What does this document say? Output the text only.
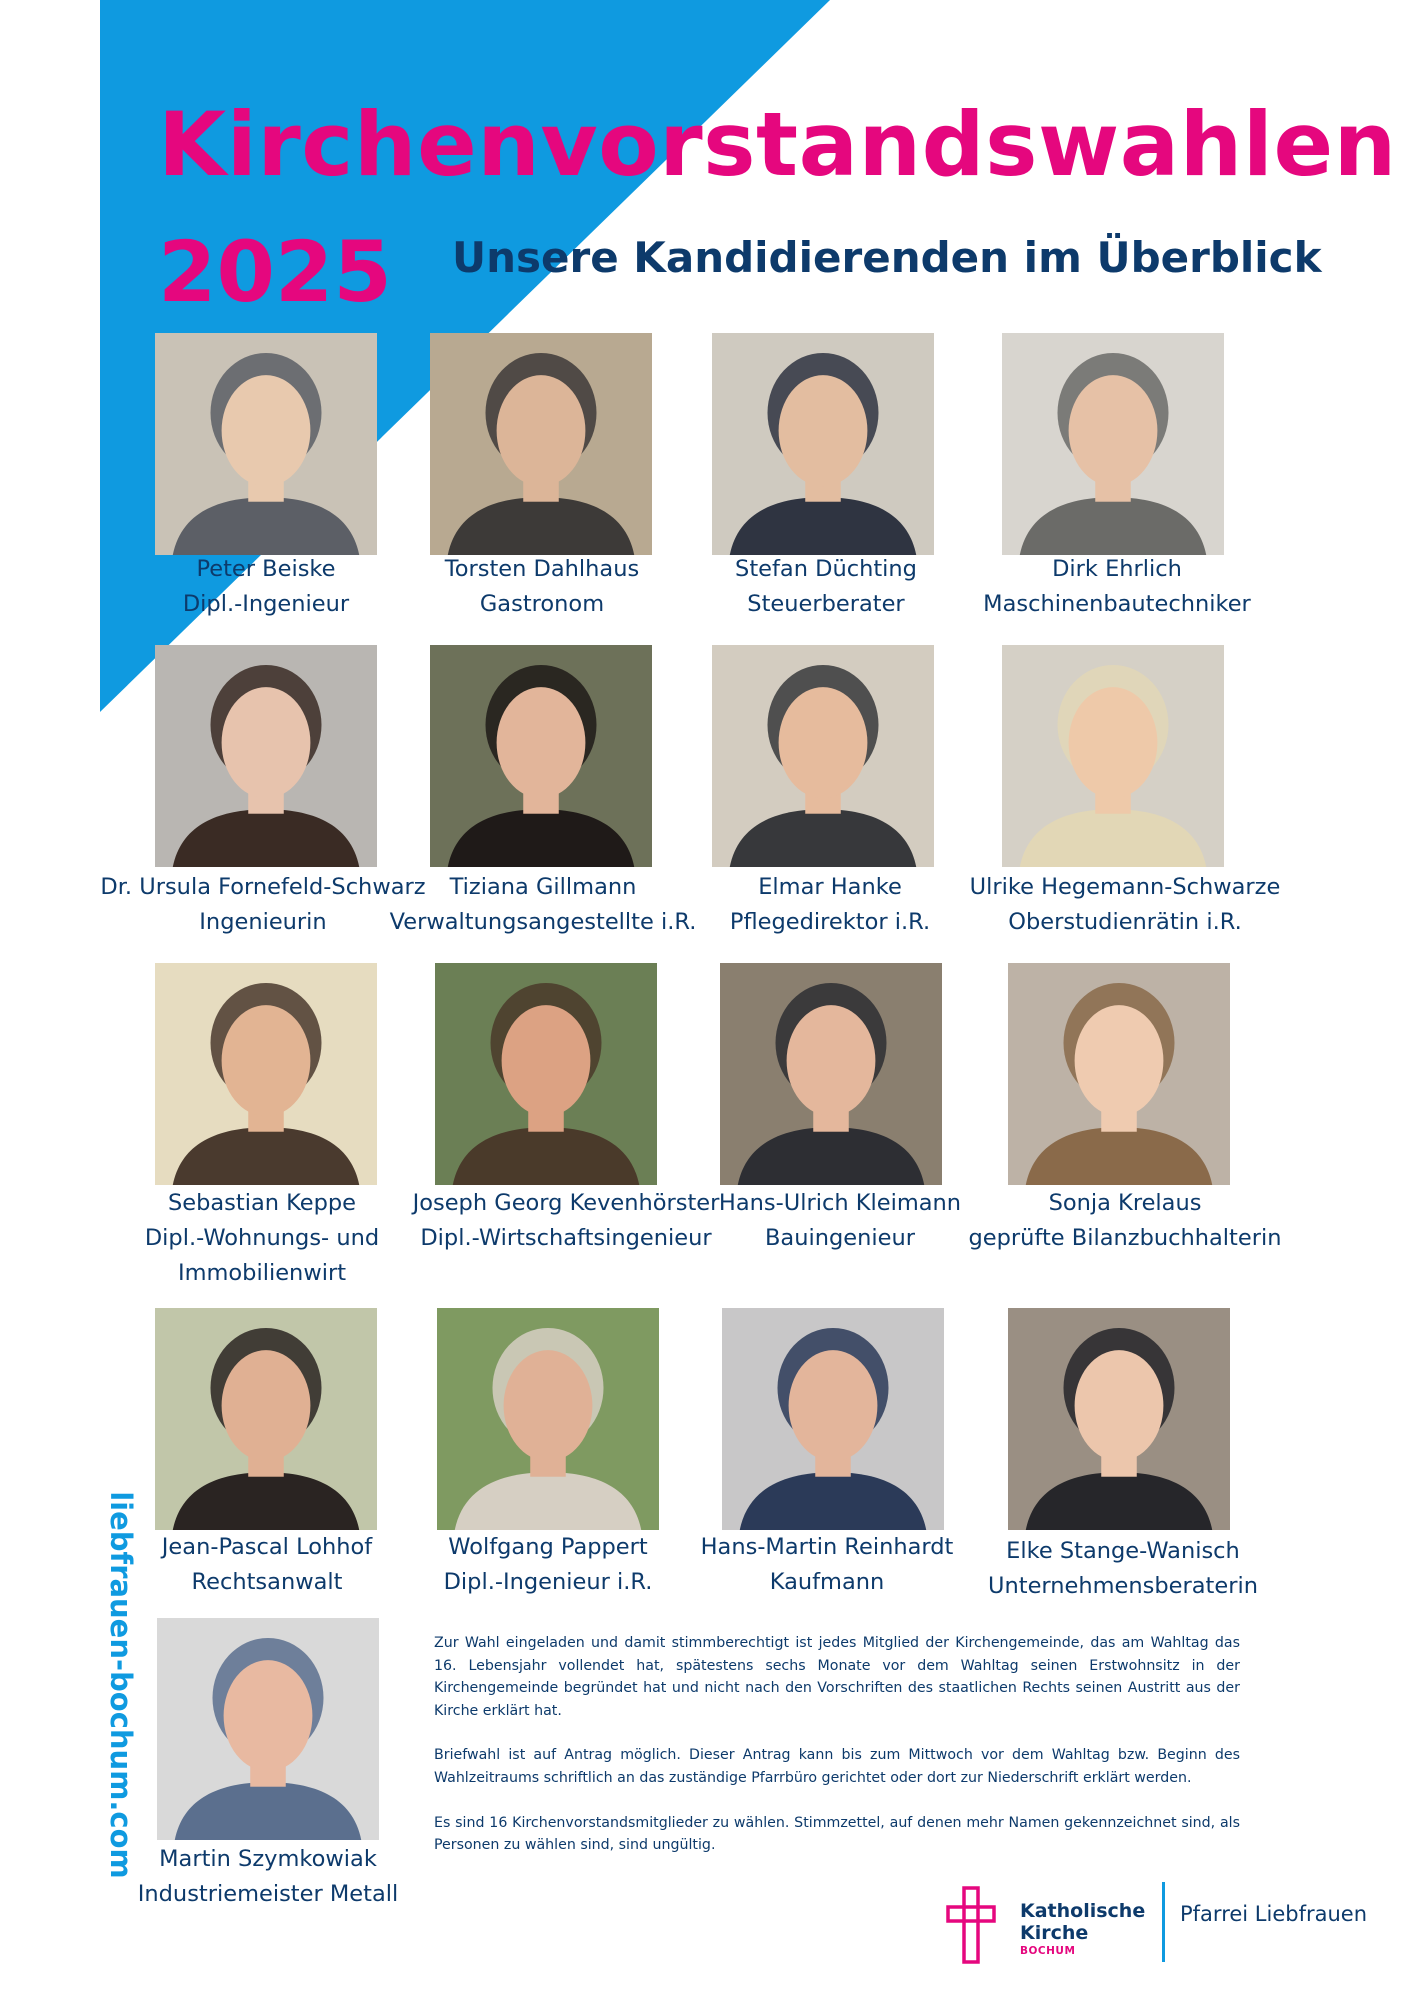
Kirchenvorstandswahlen
2025 Unsere Kandidierenden im Überblick
Peter Beiske
Dipl.-Ingenieur
Torsten Dahlhaus
Gastronom
Stefan Düchting
Steuerberater
Dirk Ehrlich
Maschinenbautechniker
Dr. Ursula Fornefeld-Schwarz
Ingenieurin
Tiziana Gillmann
Verwaltungsangestellte i.R.
Elmar Hanke
Pflegedirektor i.R.
Ulrike Hegemann-Schwarze
Oberstudienrätin i.R.
Sebastian Keppe
Dipl.-Wohnungs- und
Immobilienwirt
Joseph Georg Kevenhörster
Dipl.-Wirtschaftsingenieur
Hans-Ulrich Kleimann
Bauingenieur
Sonja Krelaus
geprüfte Bilanzbuchhalterin
Jean-Pascal Lohhof
Rechtsanwalt
Wolfgang Pappert
Dipl.-Ingenieur i.R.
Hans-Martin Reinhardt
Kaufmann
Elke Stange-Wanisch
Unternehmensberaterin
Martin Szymkowiak
Industriemeister Metall
liebfrauen-bochum.com	Zur Wahl eingeladen und damit stimmberechtigt ist jedes Mitglied der Kirchengemeinde, das am Wahltag das 16. Lebensjahr vollendet hat, spätestens sechs Monate vor dem Wahltag seinen Erstwohnsitz in der Kirchengemeinde begründet hat und nicht nach den Vorschriften des staatlichen Rechts seinen Austritt aus der Kirche erklärt hat.

Briefwahl ist auf Antrag möglich. Dieser Antrag kann bis zum Mittwoch vor dem Wahltag bzw. Beginn des Wahlzeitraums schriftlich an das zuständige Pfarrbüro gerichtet oder dort zur Niederschrift erklärt werden.

Es sind 16 Kirchenvorstandsmitglieder zu wählen. Stimmzettel, auf denen mehr Namen gekennzeichnet sind, als Personen zu wählen sind, sind ungültig.

Katholische
Kirche
BOCHUM
Pfarrei Liebfrauen
